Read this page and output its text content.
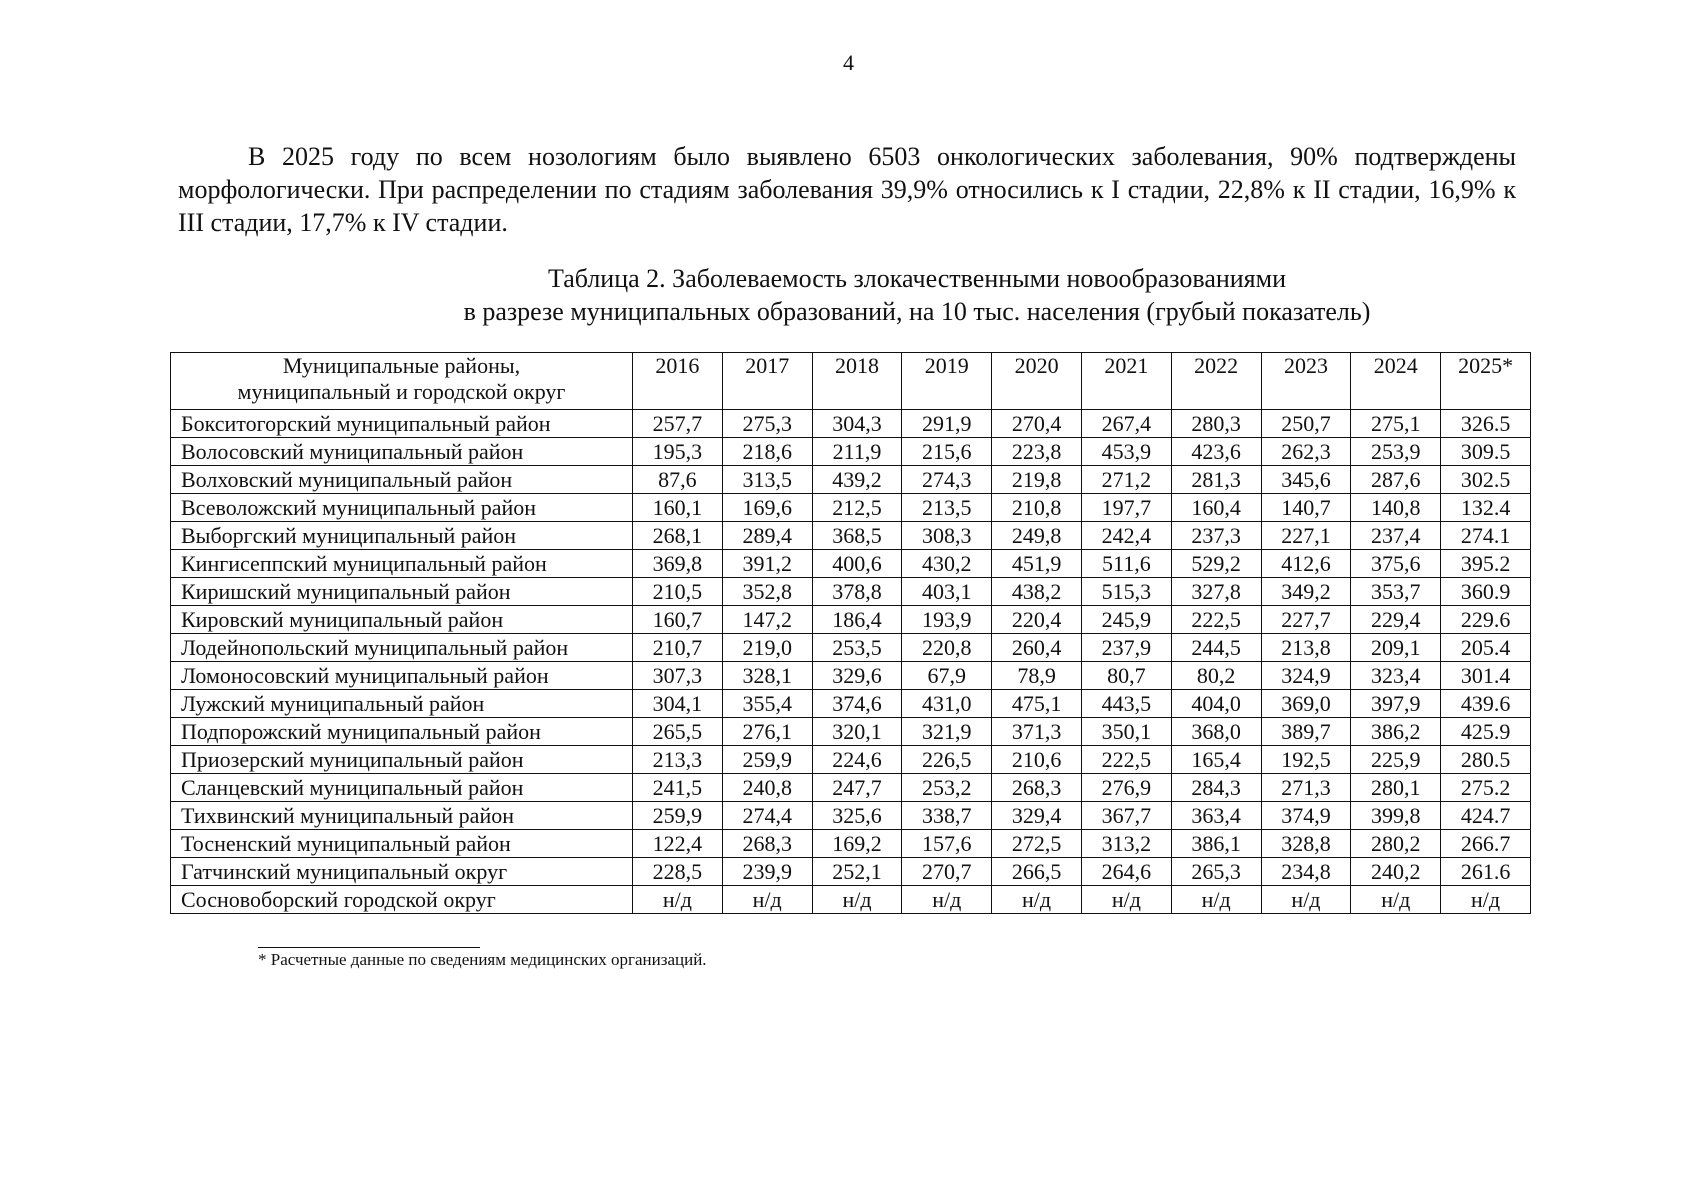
4

В 2025 году по всем нозологиям было выявлено 6503 онкологических заболевания, 90% подтверждены морфологически. При распределении по стадиям заболевания 39,9% относились к I стадии, 22,8% к II стадии, 16,9% к III стадии, 17,7% к IV стадии.

Таблица 2. Заболеваемость злокачественными новообразованиями
в разрезе муниципальных образований, на 10 тыс. населения (грубый показатель)
Муниципальные районы,
муниципальный и городской округ	2016	2017	2018	2019	2020	2021	2022	2023	2024	2025*
Бокситогорский муниципальный район	257,7	275,3	304,3	291,9	270,4	267,4	280,3	250,7	275,1	326.5
Волосовский муниципальный район	195,3	218,6	211,9	215,6	223,8	453,9	423,6	262,3	253,9	309.5
Волховский муниципальный район	87,6	313,5	439,2	274,3	219,8	271,2	281,3	345,6	287,6	302.5
Всеволожский муниципальный район	160,1	169,6	212,5	213,5	210,8	197,7	160,4	140,7	140,8	132.4
Выборгский муниципальный район	268,1	289,4	368,5	308,3	249,8	242,4	237,3	227,1	237,4	274.1
Кингисеппский муниципальный район	369,8	391,2	400,6	430,2	451,9	511,6	529,2	412,6	375,6	395.2
Киришский муниципальный район	210,5	352,8	378,8	403,1	438,2	515,3	327,8	349,2	353,7	360.9
Кировский муниципальный район	160,7	147,2	186,4	193,9	220,4	245,9	222,5	227,7	229,4	229.6
Лодейнопольский муниципальный район	210,7	219,0	253,5	220,8	260,4	237,9	244,5	213,8	209,1	205.4
Ломоносовский муниципальный район	307,3	328,1	329,6	67,9	78,9	80,7	80,2	324,9	323,4	301.4
Лужский муниципальный район	304,1	355,4	374,6	431,0	475,1	443,5	404,0	369,0	397,9	439.6
Подпорожский муниципальный район	265,5	276,1	320,1	321,9	371,3	350,1	368,0	389,7	386,2	425.9
Приозерский муниципальный район	213,3	259,9	224,6	226,5	210,6	222,5	165,4	192,5	225,9	280.5
Сланцевский муниципальный район	241,5	240,8	247,7	253,2	268,3	276,9	284,3	271,3	280,1	275.2
Тихвинский муниципальный район	259,9	274,4	325,6	338,7	329,4	367,7	363,4	374,9	399,8	424.7
Тосненский муниципальный район	122,4	268,3	169,2	157,6	272,5	313,2	386,1	328,8	280,2	266.7
Гатчинский муниципальный округ	228,5	239,9	252,1	270,7	266,5	264,6	265,3	234,8	240,2	261.6
Сосновоборский городской округ	н/д	н/д	н/д	н/д	н/д	н/д	н/д	н/д	н/д	н/д
* Расчетные данные по сведениям медицинских организаций.
